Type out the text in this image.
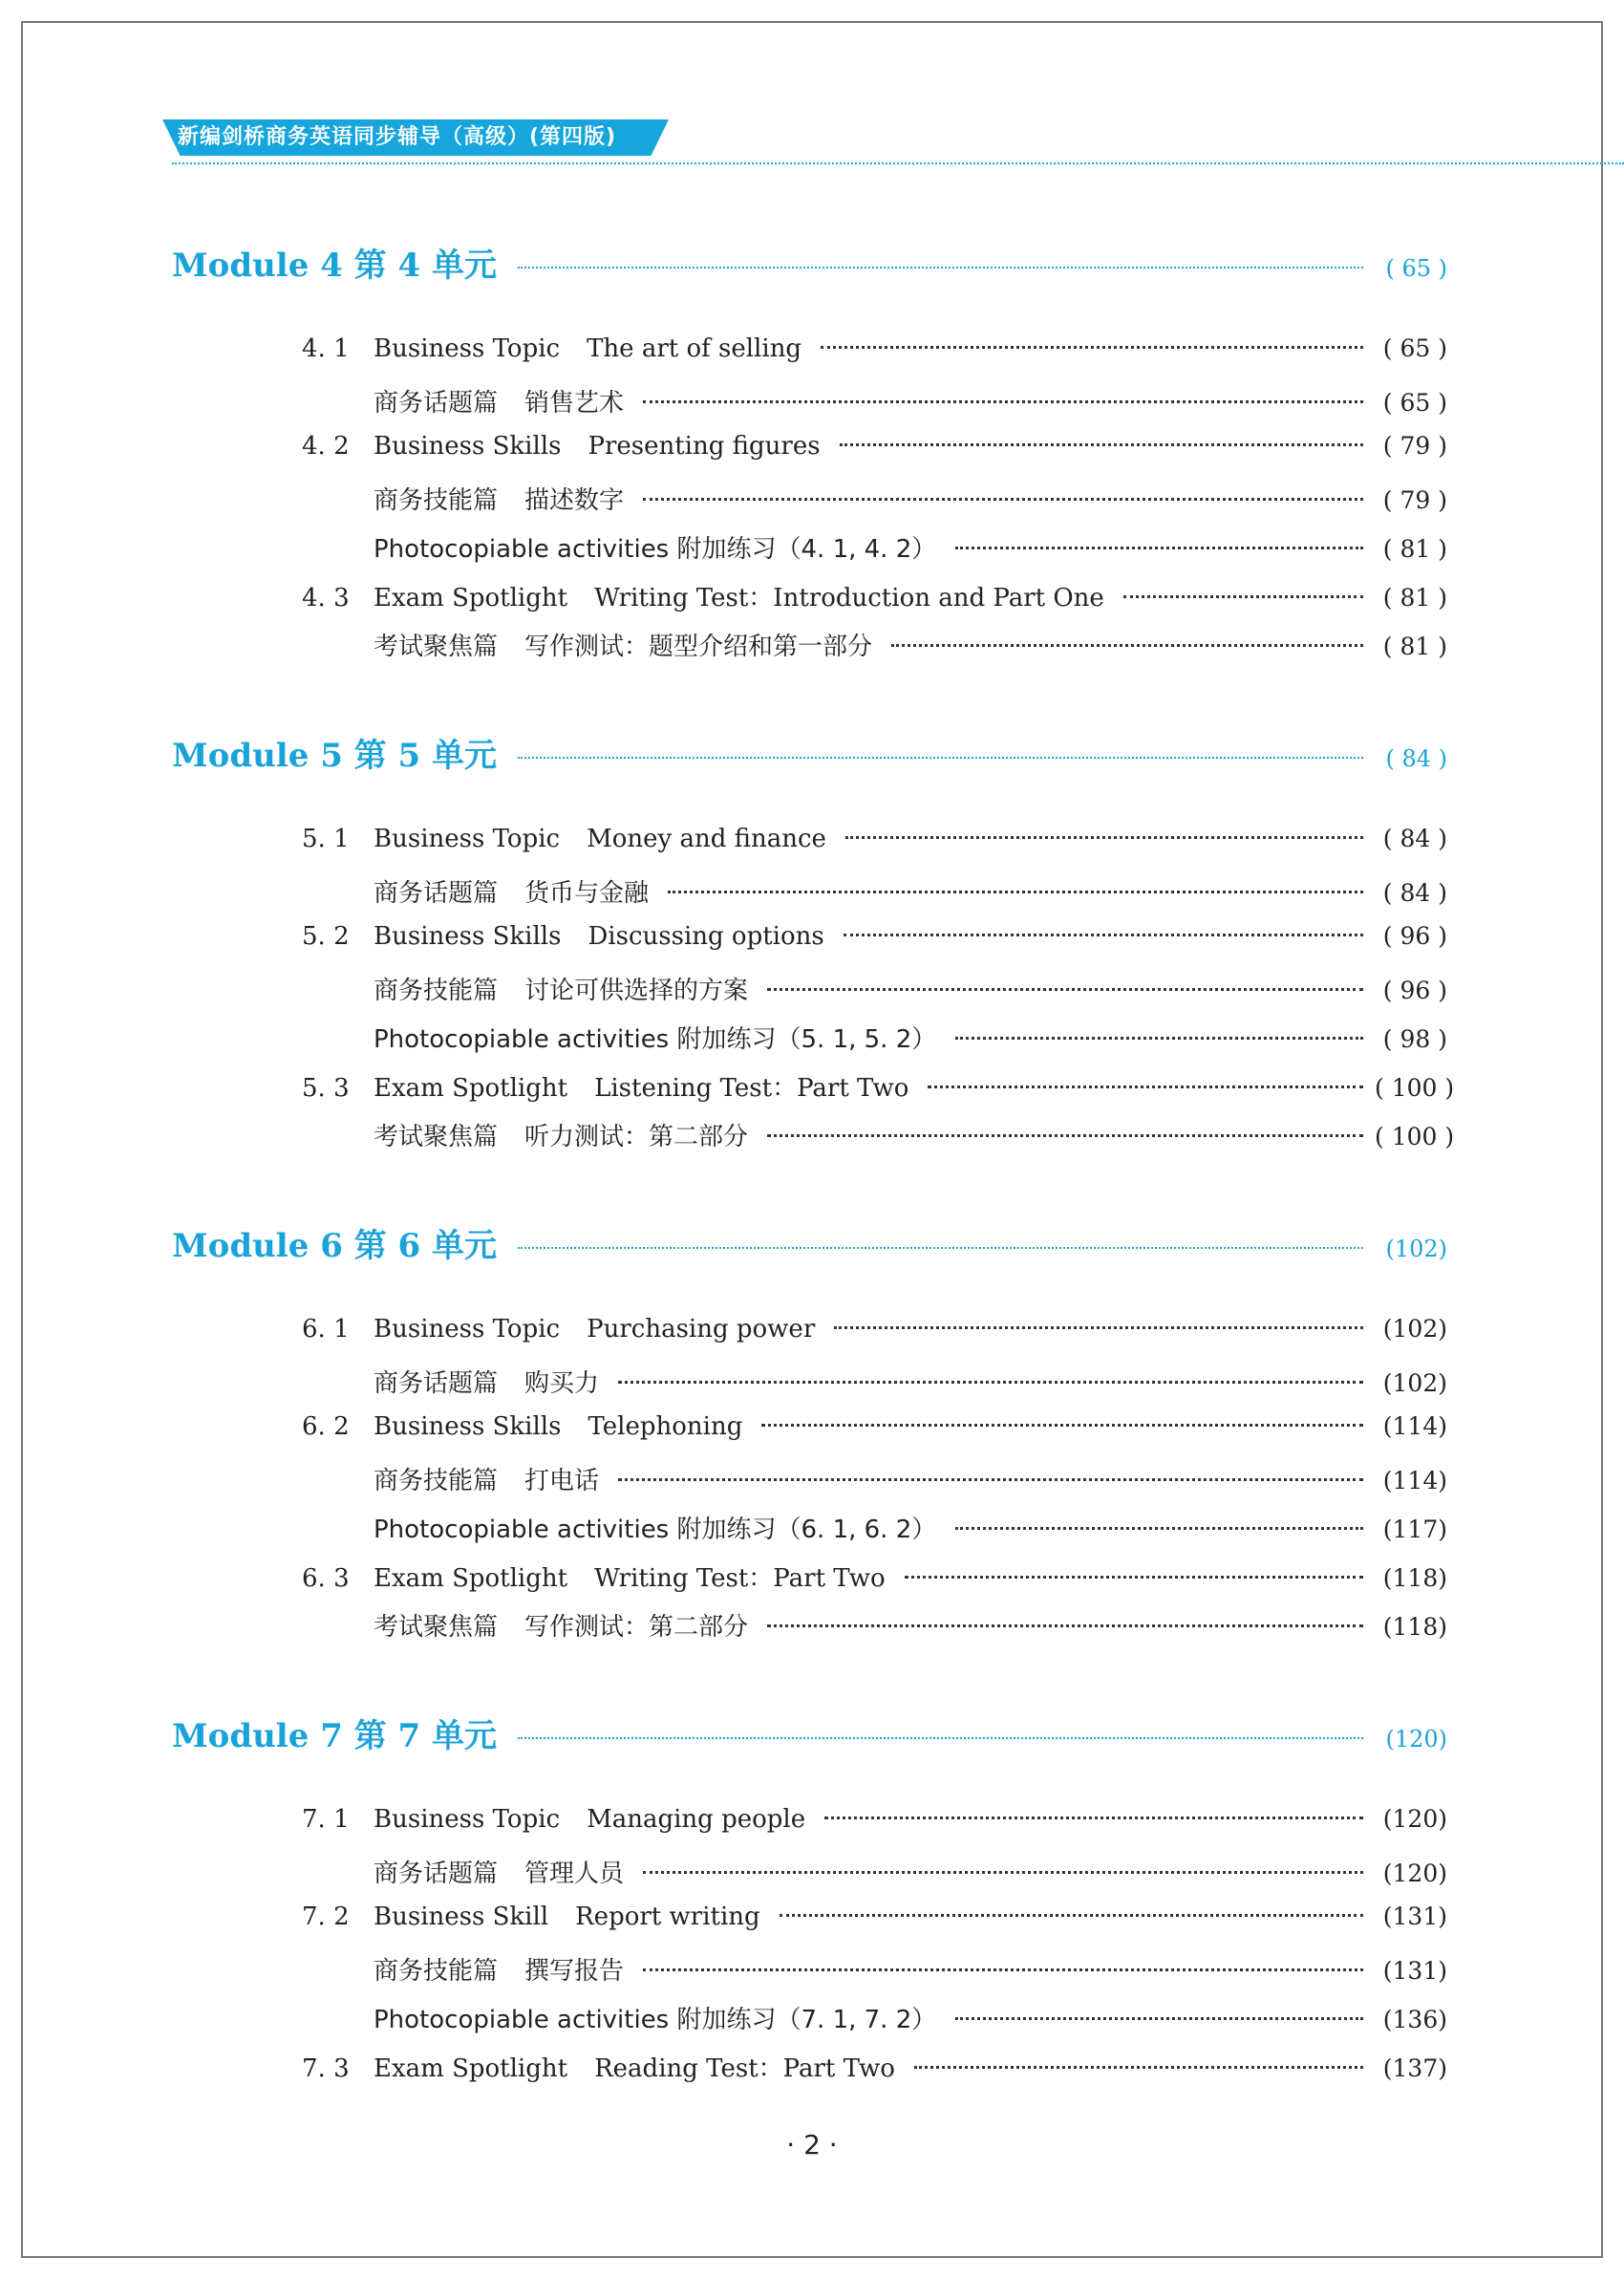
新编剑桥商务英语同步辅导（高级）(第四版)
Module 4 第 4 单元	( 65 )
4. 1 Business Topic The art of selling	( 65 )
商务话题篇 销售艺术	( 65 )
4. 2 Business Skills Presenting figures	( 79 )
商务技能篇 描述数字	( 79 )
Photocopiable activities 附加练习（4. 1, 4. 2）	( 81 )
4. 3 Exam Spotlight Writing Test：Introduction and Part One	( 81 )
考试聚焦篇 写作测试：题型介绍和第一部分	( 81 )
Module 5 第 5 单元	( 84 )
5. 1 Business Topic Money and finance	( 84 )
商务话题篇 货币与金融	( 84 )
5. 2 Business Skills Discussing options	( 96 )
商务技能篇 讨论可供选择的方案	( 96 )
Photocopiable activities 附加练习（5. 1, 5. 2）	( 98 )
5. 3 Exam Spotlight Listening Test：Part Two	( 100 )
考试聚焦篇 听力测试：第二部分	( 100 )
Module 6 第 6 单元	(102)
6. 1 Business Topic Purchasing power	(102)
商务话题篇 购买力	(102)
6. 2 Business Skills Telephoning	(114)
商务技能篇 打电话	(114)
Photocopiable activities 附加练习（6. 1, 6. 2）	(117)
6. 3 Exam Spotlight Writing Test：Part Two	(118)
考试聚焦篇 写作测试：第二部分	(118)
Module 7 第 7 单元	(120)
7. 1 Business Topic Managing people	(120)
商务话题篇 管理人员	(120)
7. 2 Business Skill Report writing	(131)
商务技能篇 撰写报告	(131)
Photocopiable activities 附加练习（7. 1, 7. 2）	(136)
7. 3 Exam Spotlight Reading Test：Part Two	(137)
· 2 ·
